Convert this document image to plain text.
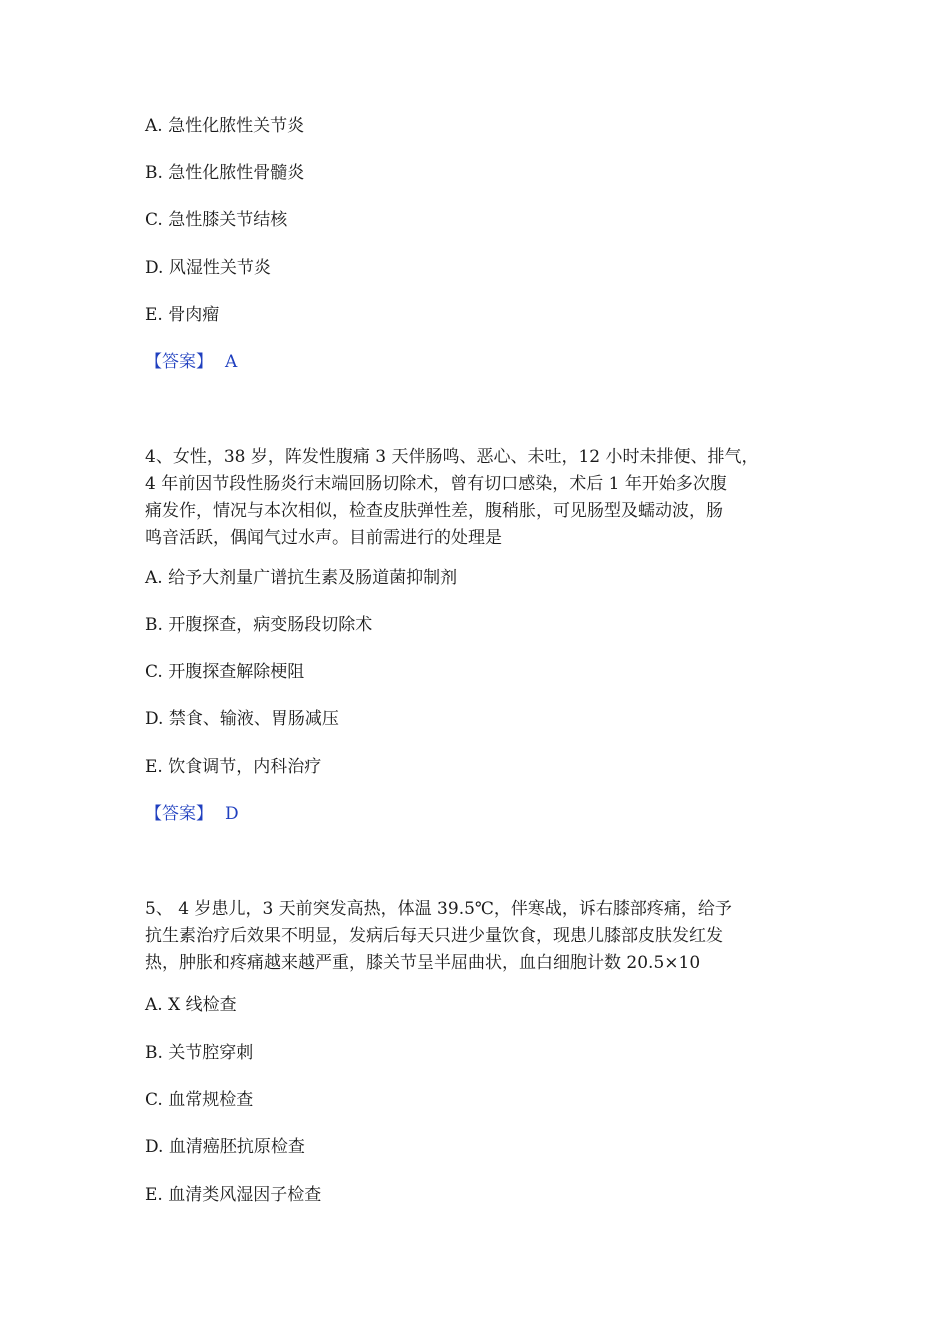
A. 急性化脓性关节炎
B. 急性化脓性骨髓炎
C. 急性膝关节结核
D. 风湿性关节炎
E. 骨肉瘤
【答案】 A
4、女性，38 岁，阵发性腹痛 3 天伴肠鸣、恶心、未吐，12 小时未排便、排气，
4 年前因节段性肠炎行末端回肠切除术，曾有切口感染，术后 1 年开始多次腹
痛发作，情况与本次相似，检查皮肤弹性差，腹稍胀，可见肠型及蠕动波，肠
鸣音活跃，偶闻气过水声。目前需进行的处理是
A. 给予大剂量广谱抗生素及肠道菌抑制剂
B. 开腹探查，病变肠段切除术
C. 开腹探查解除梗阻
D. 禁食、输液、胃肠减压
E. 饮食调节，内科治疗
【答案】 D
5、 4 岁患儿，3 天前突发高热，体温 39.5℃，伴寒战，诉右膝部疼痛，给予
抗生素治疗后效果不明显，发病后每天只进少量饮食，现患儿膝部皮肤发红发
热，肿胀和疼痛越来越严重，膝关节呈半屈曲状，血白细胞计数 20.5×10
A. X 线检查
B. 关节腔穿刺
C. 血常规检查
D. 血清癌胚抗原检查
E. 血清类风湿因子检查
